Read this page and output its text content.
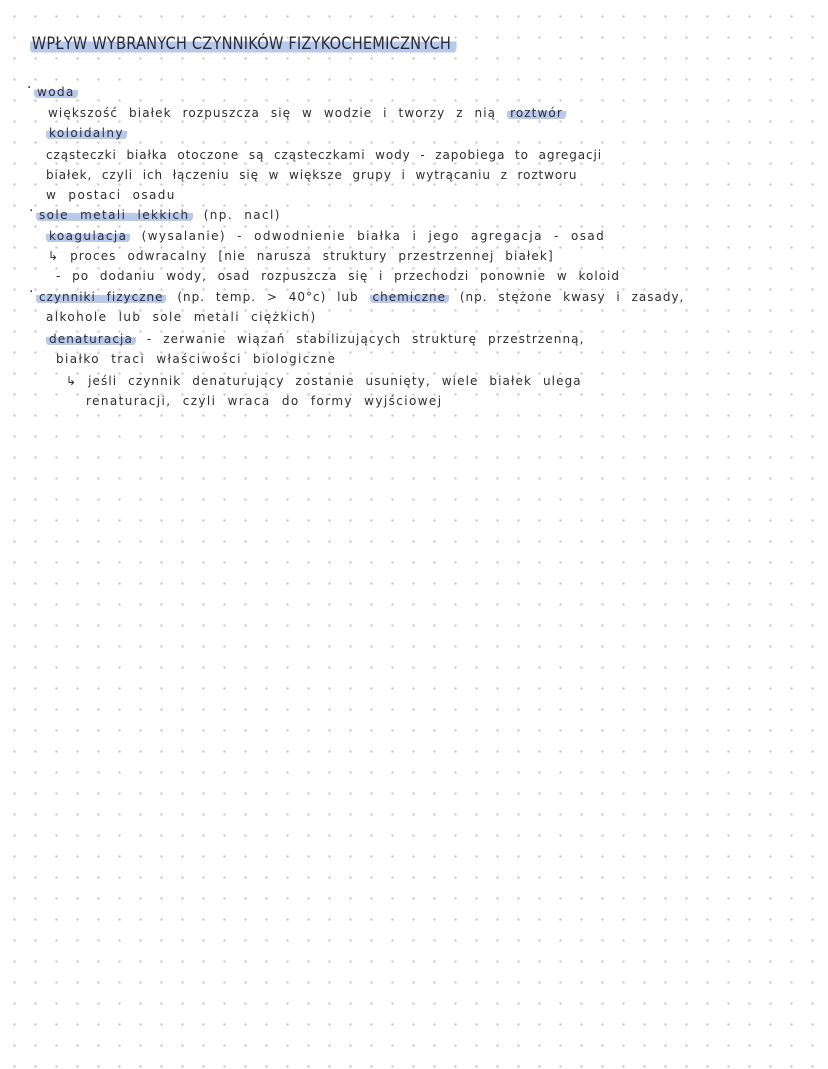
WPŁYW WYBRANYCH CZYNNIKÓW FIZYKOCHEMICZNYCH
· woda
większość białek rozpuszcza się w wodzie i tworzy z nią roztwór
koloidalny
cząsteczki białka otoczone są cząsteczkami wody - zapobiega to agregacji
białek, czyli ich łączeniu się w większe grupy i wytrącaniu z roztworu
w postaci osadu
· sole metali lekkich (np. nacl)
koagulacja (wysalanie) - odwodnienie białka i jego agregacja - osad
↳ proces odwracalny [nie narusza struktury przestrzennej białek]
- po dodaniu wody, osad rozpuszcza się i przechodzi ponownie w koloid
· czynniki fizyczne (np. temp. > 40°c) lub chemiczne (np. stężone kwasy i zasady,
alkohole lub sole metali ciężkich)
denaturacja - zerwanie wiązań stabilizujących strukturę przestrzenną,
białko traci właściwości biologiczne
↳ jeśli czynnik denaturujący zostanie usunięty, wiele białek ulega
renaturacji, czyli wraca do formy wyjściowej
